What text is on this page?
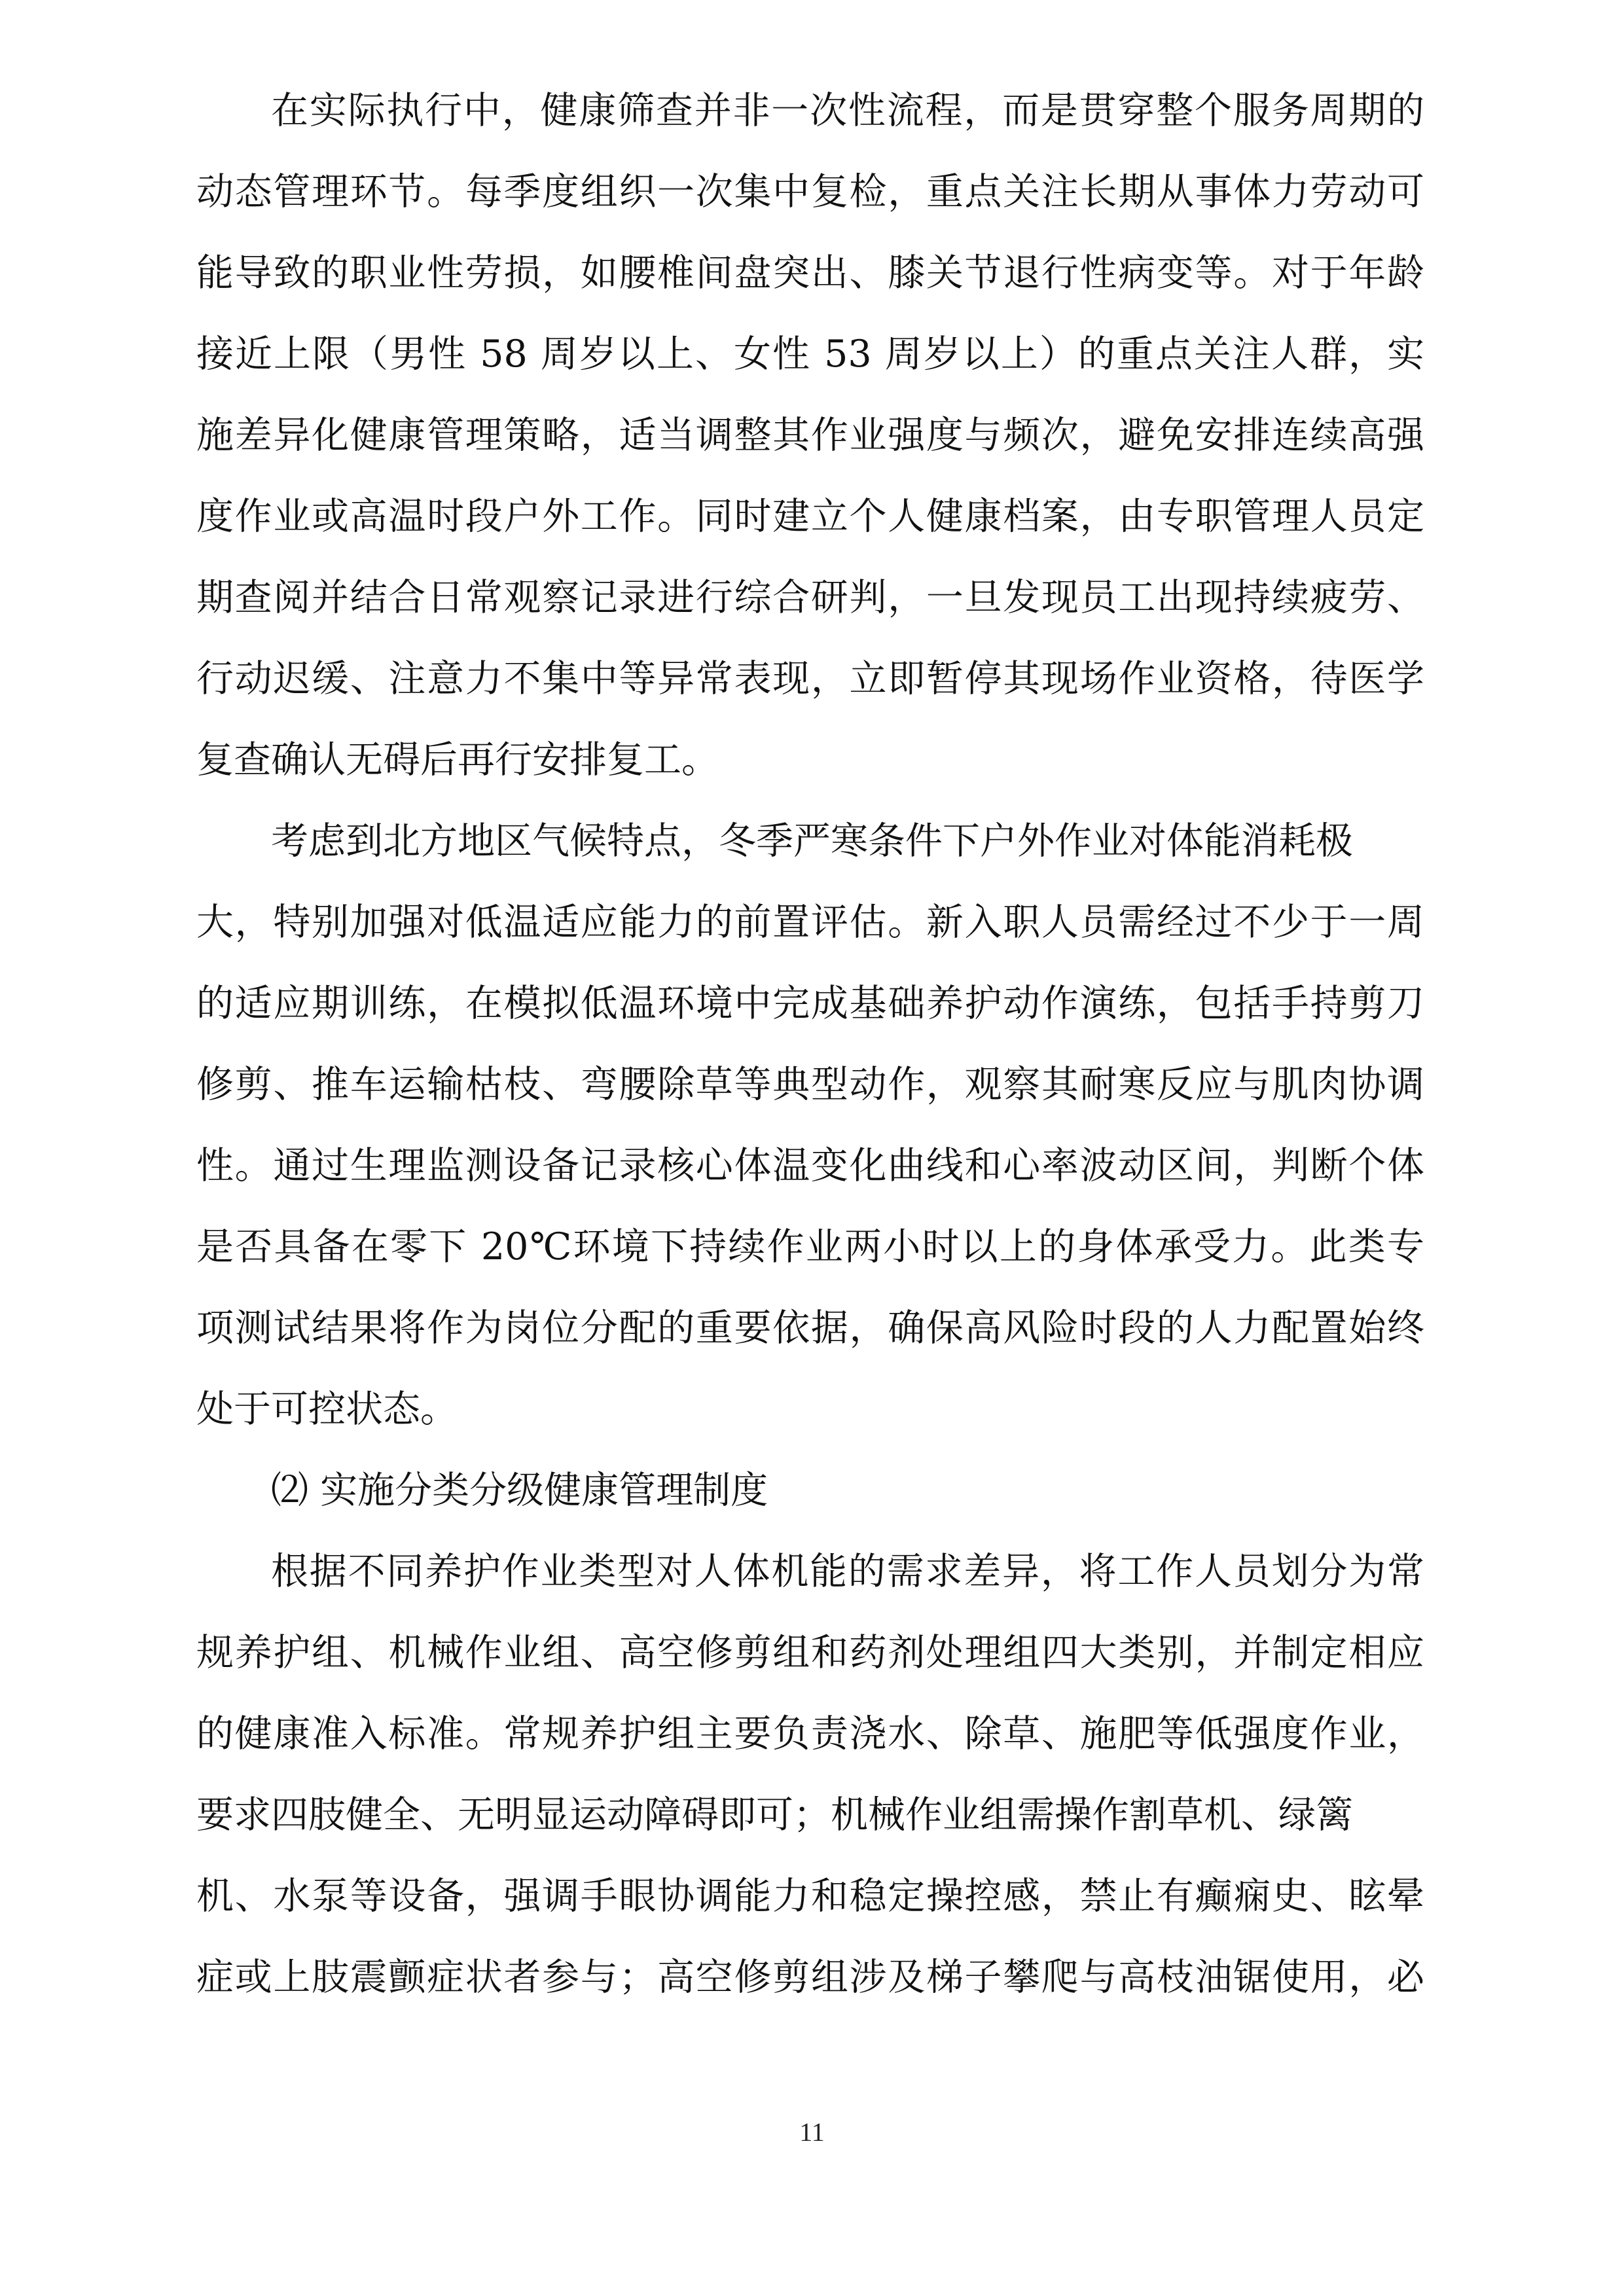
在实际执行中，健康筛查并非一次性流程，而是贯穿整个服务周期的
动态管理环节。每季度组织一次集中复检，重点关注长期从事体力劳动可
能导致的职业性劳损，如腰椎间盘突出、膝关节退行性病变等。对于年龄
接近上限（男性 58 周岁以上、女性 53 周岁以上）的重点关注人群，实
施差异化健康管理策略，适当调整其作业强度与频次，避免安排连续高强
度作业或高温时段户外工作。同时建立个人健康档案，由专职管理人员定
期查阅并结合日常观察记录进行综合研判，一旦发现员工出现持续疲劳、
行动迟缓、注意力不集中等异常表现，立即暂停其现场作业资格，待医学
复查确认无碍后再行安排复工。
考虑到北方地区气候特点，冬季严寒条件下户外作业对体能消耗极
大，特别加强对低温适应能力的前置评估。新入职人员需经过不少于一周
的适应期训练，在模拟低温环境中完成基础养护动作演练，包括手持剪刀
修剪、推车运输枯枝、弯腰除草等典型动作，观察其耐寒反应与肌肉协调
性。通过生理监测设备记录核心体温变化曲线和心率波动区间，判断个体
是否具备在零下 20℃环境下持续作业两小时以上的身体承受力。此类专
项测试结果将作为岗位分配的重要依据，确保高风险时段的人力配置始终
处于可控状态。
⑵ 实施分类分级健康管理制度
根据不同养护作业类型对人体机能的需求差异，将工作人员划分为常
规养护组、机械作业组、高空修剪组和药剂处理组四大类别，并制定相应
的健康准入标准。常规养护组主要负责浇水、除草、施肥等低强度作业，
要求四肢健全、无明显运动障碍即可；机械作业组需操作割草机、绿篱
机、水泵等设备，强调手眼协调能力和稳定操控感，禁止有癫痫史、眩晕
症或上肢震颤症状者参与；高空修剪组涉及梯子攀爬与高枝油锯使用，必
11
